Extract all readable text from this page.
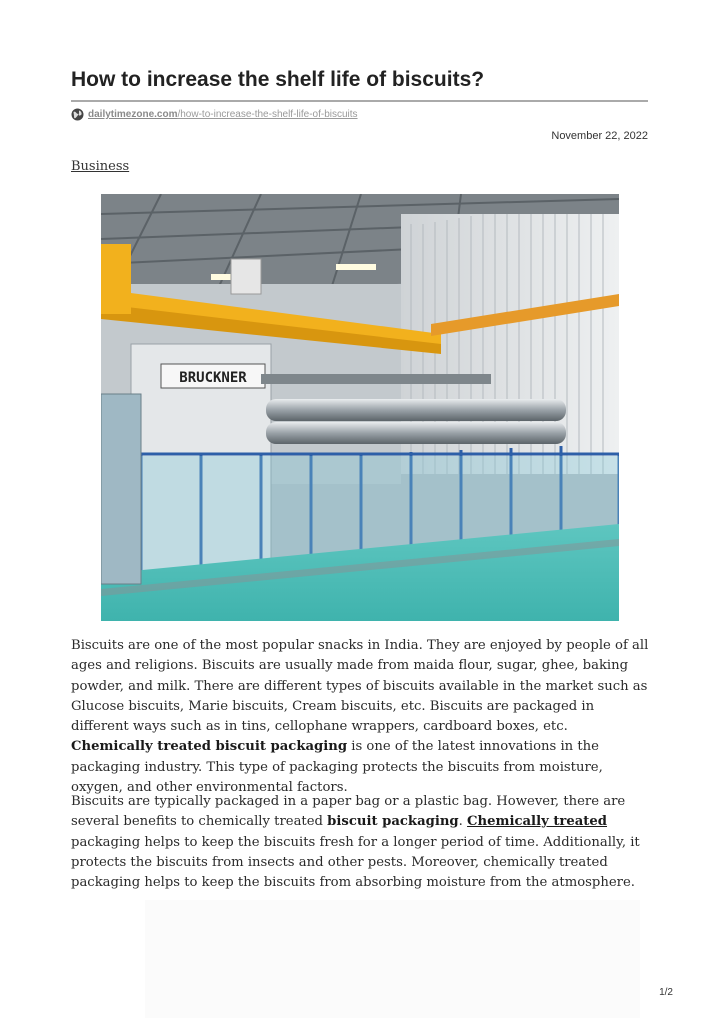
How to increase the shelf life of biscuits?
dailytimezone.com/how-to-increase-the-shelf-life-of-biscuits
November 22, 2022
Business
BRUCKNER

Biscuits are one of the most popular snacks in India. They are enjoyed by people of all ages and religions. Biscuits are usually made from maida flour, sugar, ghee, baking powder, and milk. There are different types of biscuits available in the market such as Glucose biscuits, Marie biscuits, Cream biscuits, etc. Biscuits are packaged in different ways such as in tins, cellophane wrappers, cardboard boxes, etc. Chemically treated biscuit packaging is one of the latest innovations in the packaging industry. This type of packaging protects the biscuits from moisture, oxygen, and other environmental factors.

Biscuits are typically packaged in a paper bag or a plastic bag. However, there are several benefits to chemically treated biscuit packaging. Chemically treated packaging helps to keep the biscuits fresh for a longer period of time. Additionally, it protects the biscuits from insects and other pests. Moreover, chemically treated packaging helps to keep the biscuits from absorbing moisture from the atmosphere.

1/2
